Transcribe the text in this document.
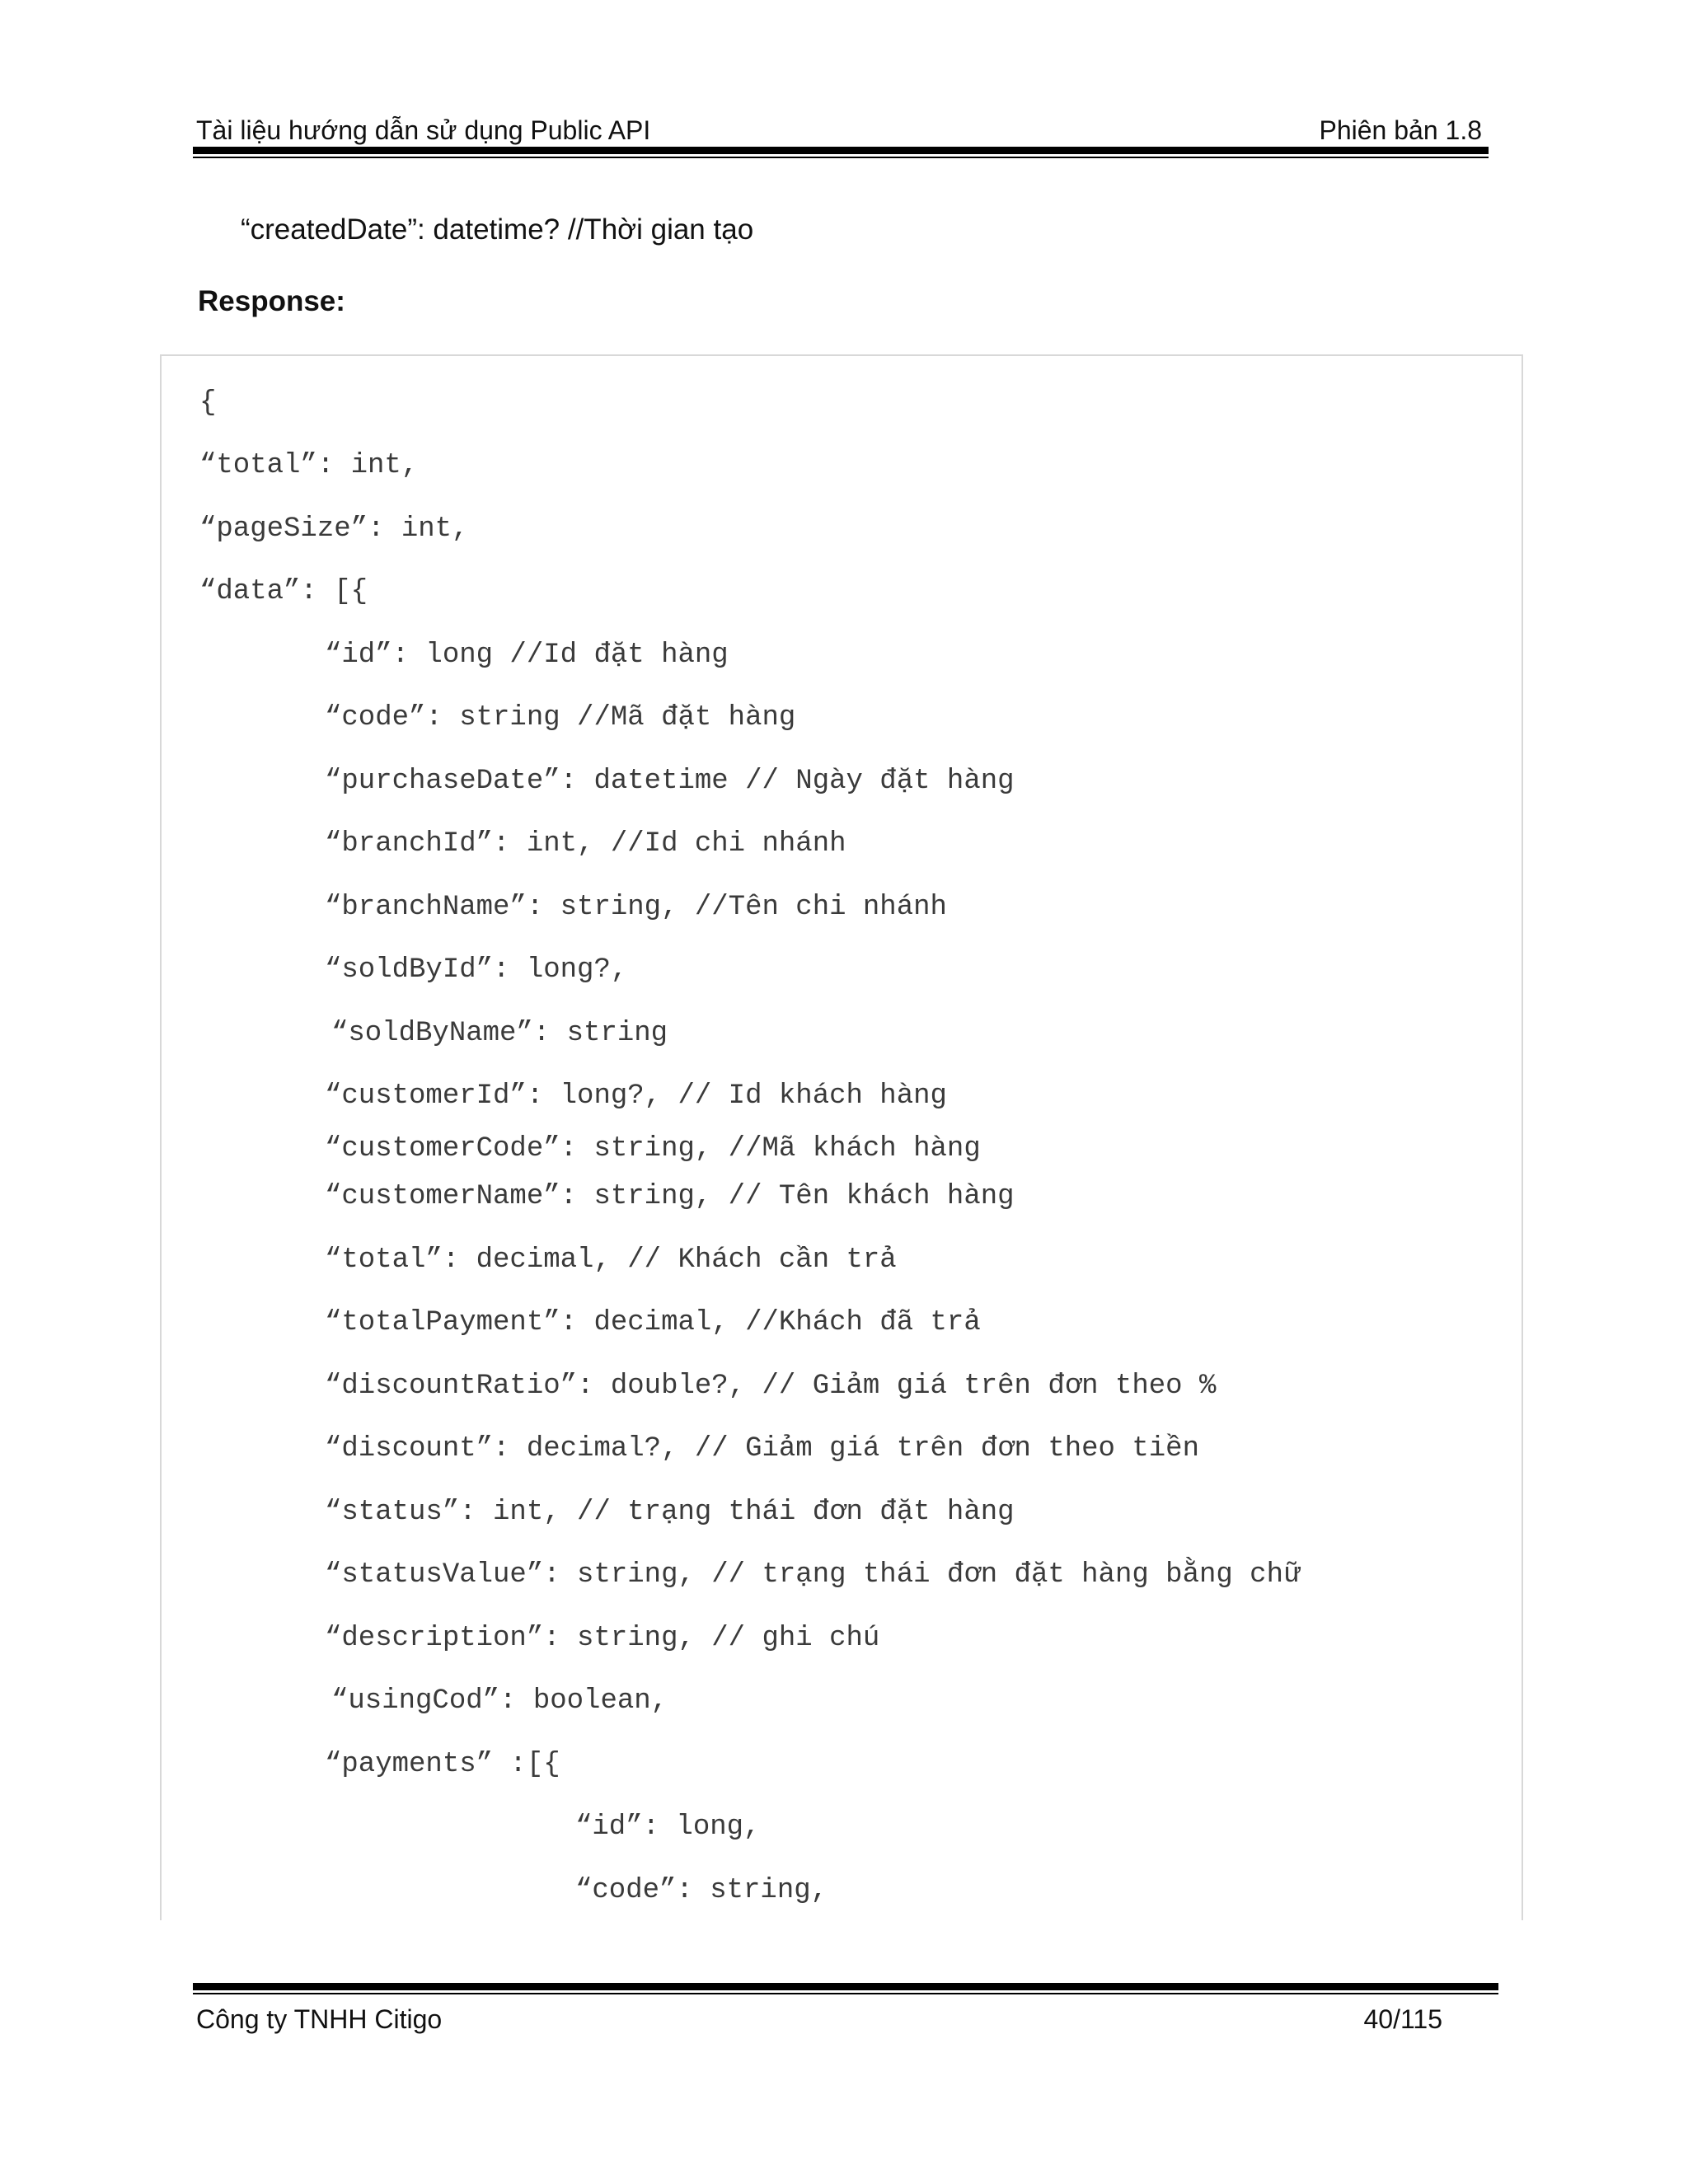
Tài liệu hướng dẫn sử dụng Public API	Phiên bản 1.8
“createdDate”: datetime? //Thời gian tạo
Response:
{
“total”: int,
“pageSize”: int,
“data”: [{
“id”: long //Id đặt hàng
“code”: string //Mã đặt hàng
“purchaseDate”: datetime // Ngày đặt hàng
“branchId”: int, //Id chi nhánh
“branchName”: string, //Tên chi nhánh
“soldById”: long?,
“soldByName”: string
“customerId”: long?, // Id khách hàng
“customerCode”: string, //Mã khách hàng
“customerName”: string, // Tên khách hàng
“total”: decimal, // Khách cần trả
“totalPayment”: decimal, //Khách đã trả
“discountRatio”: double?, // Giảm giá trên đơn theo %
“discount”: decimal?, // Giảm giá trên đơn theo tiền
“status”: int, // trạng thái đơn đặt hàng
“statusValue”: string, // trạng thái đơn đặt hàng bằng chữ
“description”: string, // ghi chú
“usingCod”: boolean,
“payments” :[{
“id”: long,
“code”: string,
Công ty TNHH Citigo	40/115
